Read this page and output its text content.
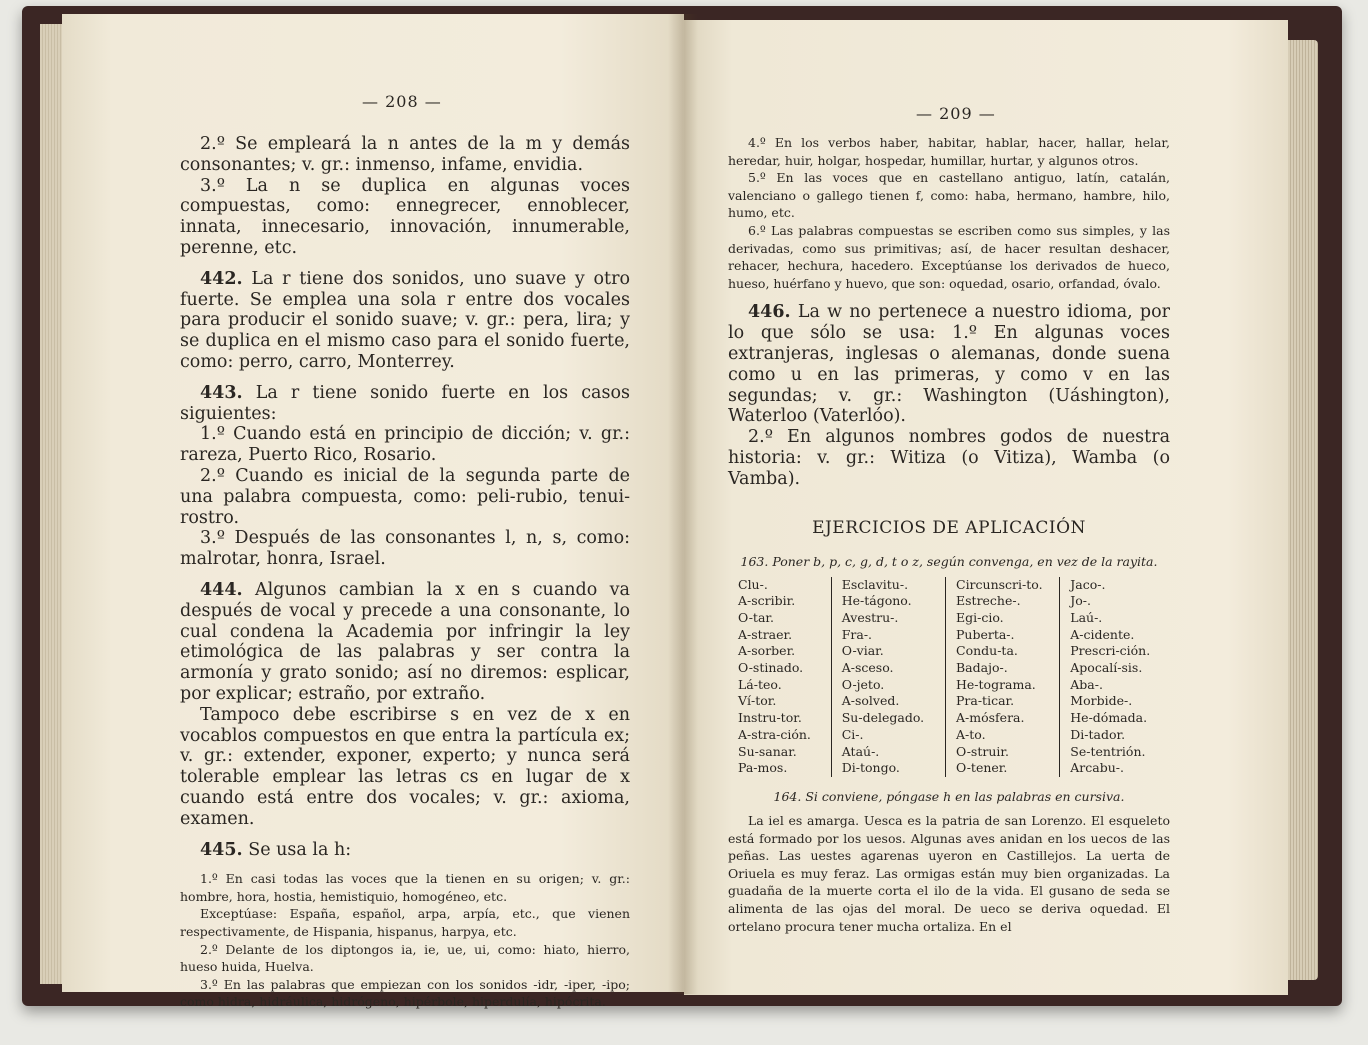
— 208 —

2.º Se empleará la n antes de la m y demás consonantes; v. gr.: inmenso, infame, envidia.

3.º La n se duplica en algunas voces compuestas, como: ennegrecer, ennoblecer, innata, innecesario, innovación, innumerable, perenne, etc.

442. La r tiene dos sonidos, uno suave y otro fuerte. Se emplea una sola r entre dos vocales para producir el sonido suave; v. gr.: pera, lira; y se duplica en el mismo caso para el sonido fuerte, como: perro, carro, Monterrey.

443. La r tiene sonido fuerte en los casos siguientes:

1.º Cuando está en principio de dicción; v. gr.: rareza, Puerto Rico, Rosario.

2.º Cuando es inicial de la segunda parte de una palabra compuesta, como: peli-rubio, tenui-rostro.

3.º Después de las consonantes l, n, s, como: malrotar, honra, Israel.

444. Algunos cambian la x en s cuando va después de vocal y precede a una consonante, lo cual condena la Academia por infringir la ley etimológica de las palabras y ser contra la armonía y grato sonido; así no diremos: esplicar, por explicar; estraño, por extraño.

Tampoco debe escribirse s en vez de x en vocablos compuestos en que entra la partícula ex; v. gr.: extender, exponer, experto; y nunca será tolerable emplear las letras cs en lugar de x cuando está entre dos vocales; v. gr.: axioma, examen.

445. Se usa la h:

1.º En casi todas las voces que la tienen en su origen; v. gr.: hombre, hora, hostia, hemistiquio, homogéneo, etc.

Exceptúase: España, español, arpa, arpía, etc., que vienen respectivamente, de Hispania, hispanus, harpya, etc.

2.º Delante de los diptongos ia, ie, ue, ui, como: hiato, hierro, hueso huida, Huelva.

3.º En las palabras que empiezan con los sonidos -idr, -iper, -ipo; como hidra, hidráulica, hidrógeno, hipérbole, hiperdulía, hipócrita.

— 209 —

4.º En los verbos haber, habitar, hablar, hacer, hallar, helar, heredar, huir, holgar, hospedar, humillar, hurtar, y algunos otros.

5.º En las voces que en castellano antiguo, latín, catalán, valenciano o gallego tienen f, como: haba, hermano, hambre, hilo, humo, etc.

6.º Las palabras compuestas se escriben como sus simples, y las derivadas, como sus primitivas; así, de hacer resultan deshacer, rehacer, hechura, hacedero. Exceptúanse los derivados de hueco, hueso, huérfano y huevo, que son: oquedad, osario, orfandad, óvalo.

446. La w no pertenece a nuestro idioma, por lo que sólo se usa: 1.º En algunas voces extranjeras, inglesas o alemanas, donde suena como u en las primeras, y como v en las segundas; v. gr.: Washington (Uáshington), Waterloo (Vaterlóo).

2.º En algunos nombres godos de nuestra historia: v. gr.: Witiza (o Vitiza), Wamba (o Vamba).

EJERCICIOS DE APLICACIÓN
163. Poner b, p, c, g, d, t o z, según convenga, en vez de la rayita.
Clu-.
A-scribir.
O-tar.
A-straer.
A-sorber.
O-stinado.
Lá-teo.
Ví-tor.
Instru-tor.
A-stra-ción.
Su-sanar.
Pa-mos.
Esclavitu-.
He-tágono.
Avestru-.
Fra-.
O-viar.
A-sceso.
O-jeto.
A-solved.
Su-delegado.
Ci-.
Ataú-.
Di-tongo.
Circunscri-to.
Estreche-.
Egi-cio.
Puberta-.
Condu-ta.
Badajo-.
He-tograma.
Pra-ticar.
A-mósfera.
A-to.
O-struir.
O-tener.
Jaco-.
Jo-.
Laú-.
A-cidente.
Prescri-ción.
Apocalí-sis.
Aba-.
Morbide-.
He-dómada.
Di-tador.
Se-tentrión.
Arcabu-.
164. Si conviene, póngase h en las palabras en cursiva.

La iel es amarga. Uesca es la patria de san Lorenzo. El esqueleto está formado por los uesos. Algunas aves anidan en los uecos de las peñas. Las uestes agarenas uyeron en Castillejos. La uerta de Oriuela es muy feraz. Las ormigas están muy bien organizadas. La guadaña de la muerte corta el ilo de la vida. El gusano de seda se alimenta de las ojas del moral. De ueco se deriva oquedad. El ortelano procura tener mucha ortaliza. En el
